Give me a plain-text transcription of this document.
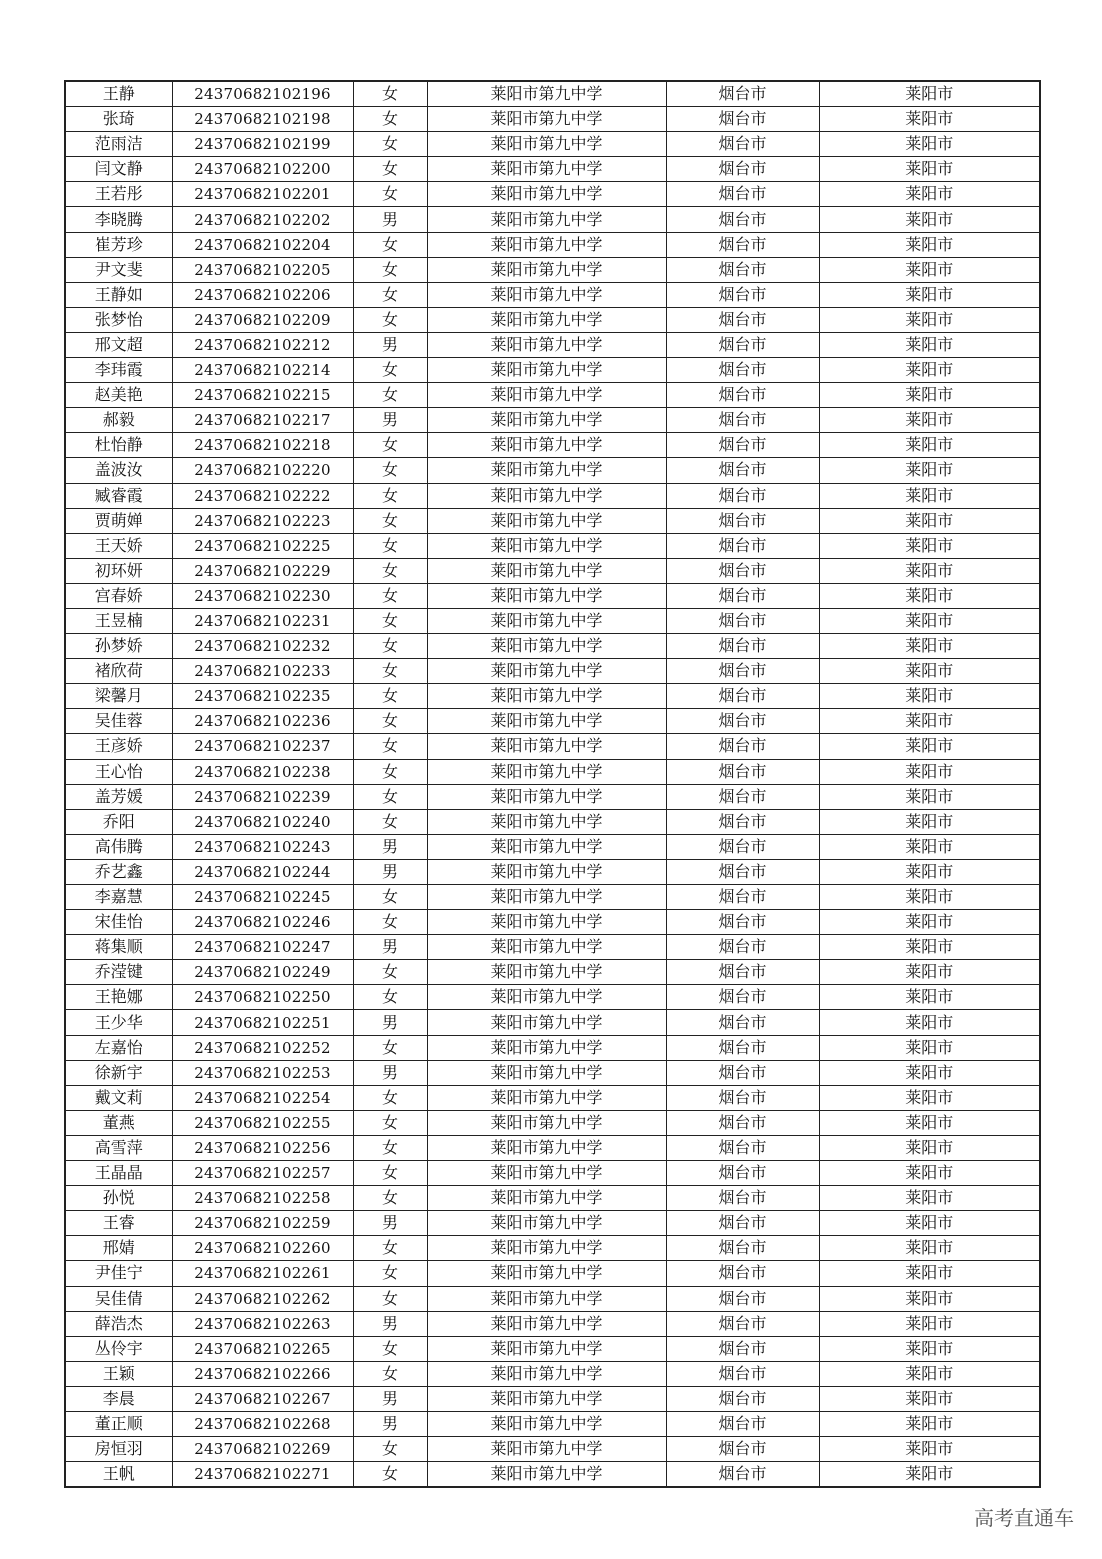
王静	24370682102196	女	莱阳市第九中学	烟台市	莱阳市
张琦	24370682102198	女	莱阳市第九中学	烟台市	莱阳市
范雨洁	24370682102199	女	莱阳市第九中学	烟台市	莱阳市
闫文静	24370682102200	女	莱阳市第九中学	烟台市	莱阳市
王若彤	24370682102201	女	莱阳市第九中学	烟台市	莱阳市
李晓腾	24370682102202	男	莱阳市第九中学	烟台市	莱阳市
崔芳珍	24370682102204	女	莱阳市第九中学	烟台市	莱阳市
尹文斐	24370682102205	女	莱阳市第九中学	烟台市	莱阳市
王静如	24370682102206	女	莱阳市第九中学	烟台市	莱阳市
张梦怡	24370682102209	女	莱阳市第九中学	烟台市	莱阳市
邢文超	24370682102212	男	莱阳市第九中学	烟台市	莱阳市
李玮霞	24370682102214	女	莱阳市第九中学	烟台市	莱阳市
赵美艳	24370682102215	女	莱阳市第九中学	烟台市	莱阳市
郝毅	24370682102217	男	莱阳市第九中学	烟台市	莱阳市
杜怡静	24370682102218	女	莱阳市第九中学	烟台市	莱阳市
盖波汝	24370682102220	女	莱阳市第九中学	烟台市	莱阳市
臧睿霞	24370682102222	女	莱阳市第九中学	烟台市	莱阳市
贾萌婵	24370682102223	女	莱阳市第九中学	烟台市	莱阳市
王天娇	24370682102225	女	莱阳市第九中学	烟台市	莱阳市
初环妍	24370682102229	女	莱阳市第九中学	烟台市	莱阳市
宫春娇	24370682102230	女	莱阳市第九中学	烟台市	莱阳市
王昱楠	24370682102231	女	莱阳市第九中学	烟台市	莱阳市
孙梦娇	24370682102232	女	莱阳市第九中学	烟台市	莱阳市
褚欣荷	24370682102233	女	莱阳市第九中学	烟台市	莱阳市
梁馨月	24370682102235	女	莱阳市第九中学	烟台市	莱阳市
吴佳蓉	24370682102236	女	莱阳市第九中学	烟台市	莱阳市
王彦娇	24370682102237	女	莱阳市第九中学	烟台市	莱阳市
王心怡	24370682102238	女	莱阳市第九中学	烟台市	莱阳市
盖芳媛	24370682102239	女	莱阳市第九中学	烟台市	莱阳市
乔阳	24370682102240	女	莱阳市第九中学	烟台市	莱阳市
高伟腾	24370682102243	男	莱阳市第九中学	烟台市	莱阳市
乔艺鑫	24370682102244	男	莱阳市第九中学	烟台市	莱阳市
李嘉慧	24370682102245	女	莱阳市第九中学	烟台市	莱阳市
宋佳怡	24370682102246	女	莱阳市第九中学	烟台市	莱阳市
蒋集顺	24370682102247	男	莱阳市第九中学	烟台市	莱阳市
乔滢键	24370682102249	女	莱阳市第九中学	烟台市	莱阳市
王艳娜	24370682102250	女	莱阳市第九中学	烟台市	莱阳市
王少华	24370682102251	男	莱阳市第九中学	烟台市	莱阳市
左嘉怡	24370682102252	女	莱阳市第九中学	烟台市	莱阳市
徐新宇	24370682102253	男	莱阳市第九中学	烟台市	莱阳市
戴文莉	24370682102254	女	莱阳市第九中学	烟台市	莱阳市
董燕	24370682102255	女	莱阳市第九中学	烟台市	莱阳市
高雪萍	24370682102256	女	莱阳市第九中学	烟台市	莱阳市
王晶晶	24370682102257	女	莱阳市第九中学	烟台市	莱阳市
孙悦	24370682102258	女	莱阳市第九中学	烟台市	莱阳市
王睿	24370682102259	男	莱阳市第九中学	烟台市	莱阳市
邢婧	24370682102260	女	莱阳市第九中学	烟台市	莱阳市
尹佳宁	24370682102261	女	莱阳市第九中学	烟台市	莱阳市
吴佳倩	24370682102262	女	莱阳市第九中学	烟台市	莱阳市
薛浩杰	24370682102263	男	莱阳市第九中学	烟台市	莱阳市
丛伶宇	24370682102265	女	莱阳市第九中学	烟台市	莱阳市
王颖	24370682102266	女	莱阳市第九中学	烟台市	莱阳市
李晨	24370682102267	男	莱阳市第九中学	烟台市	莱阳市
董正顺	24370682102268	男	莱阳市第九中学	烟台市	莱阳市
房恒羽	24370682102269	女	莱阳市第九中学	烟台市	莱阳市
王帆	24370682102271	女	莱阳市第九中学	烟台市	莱阳市
高考直通车
